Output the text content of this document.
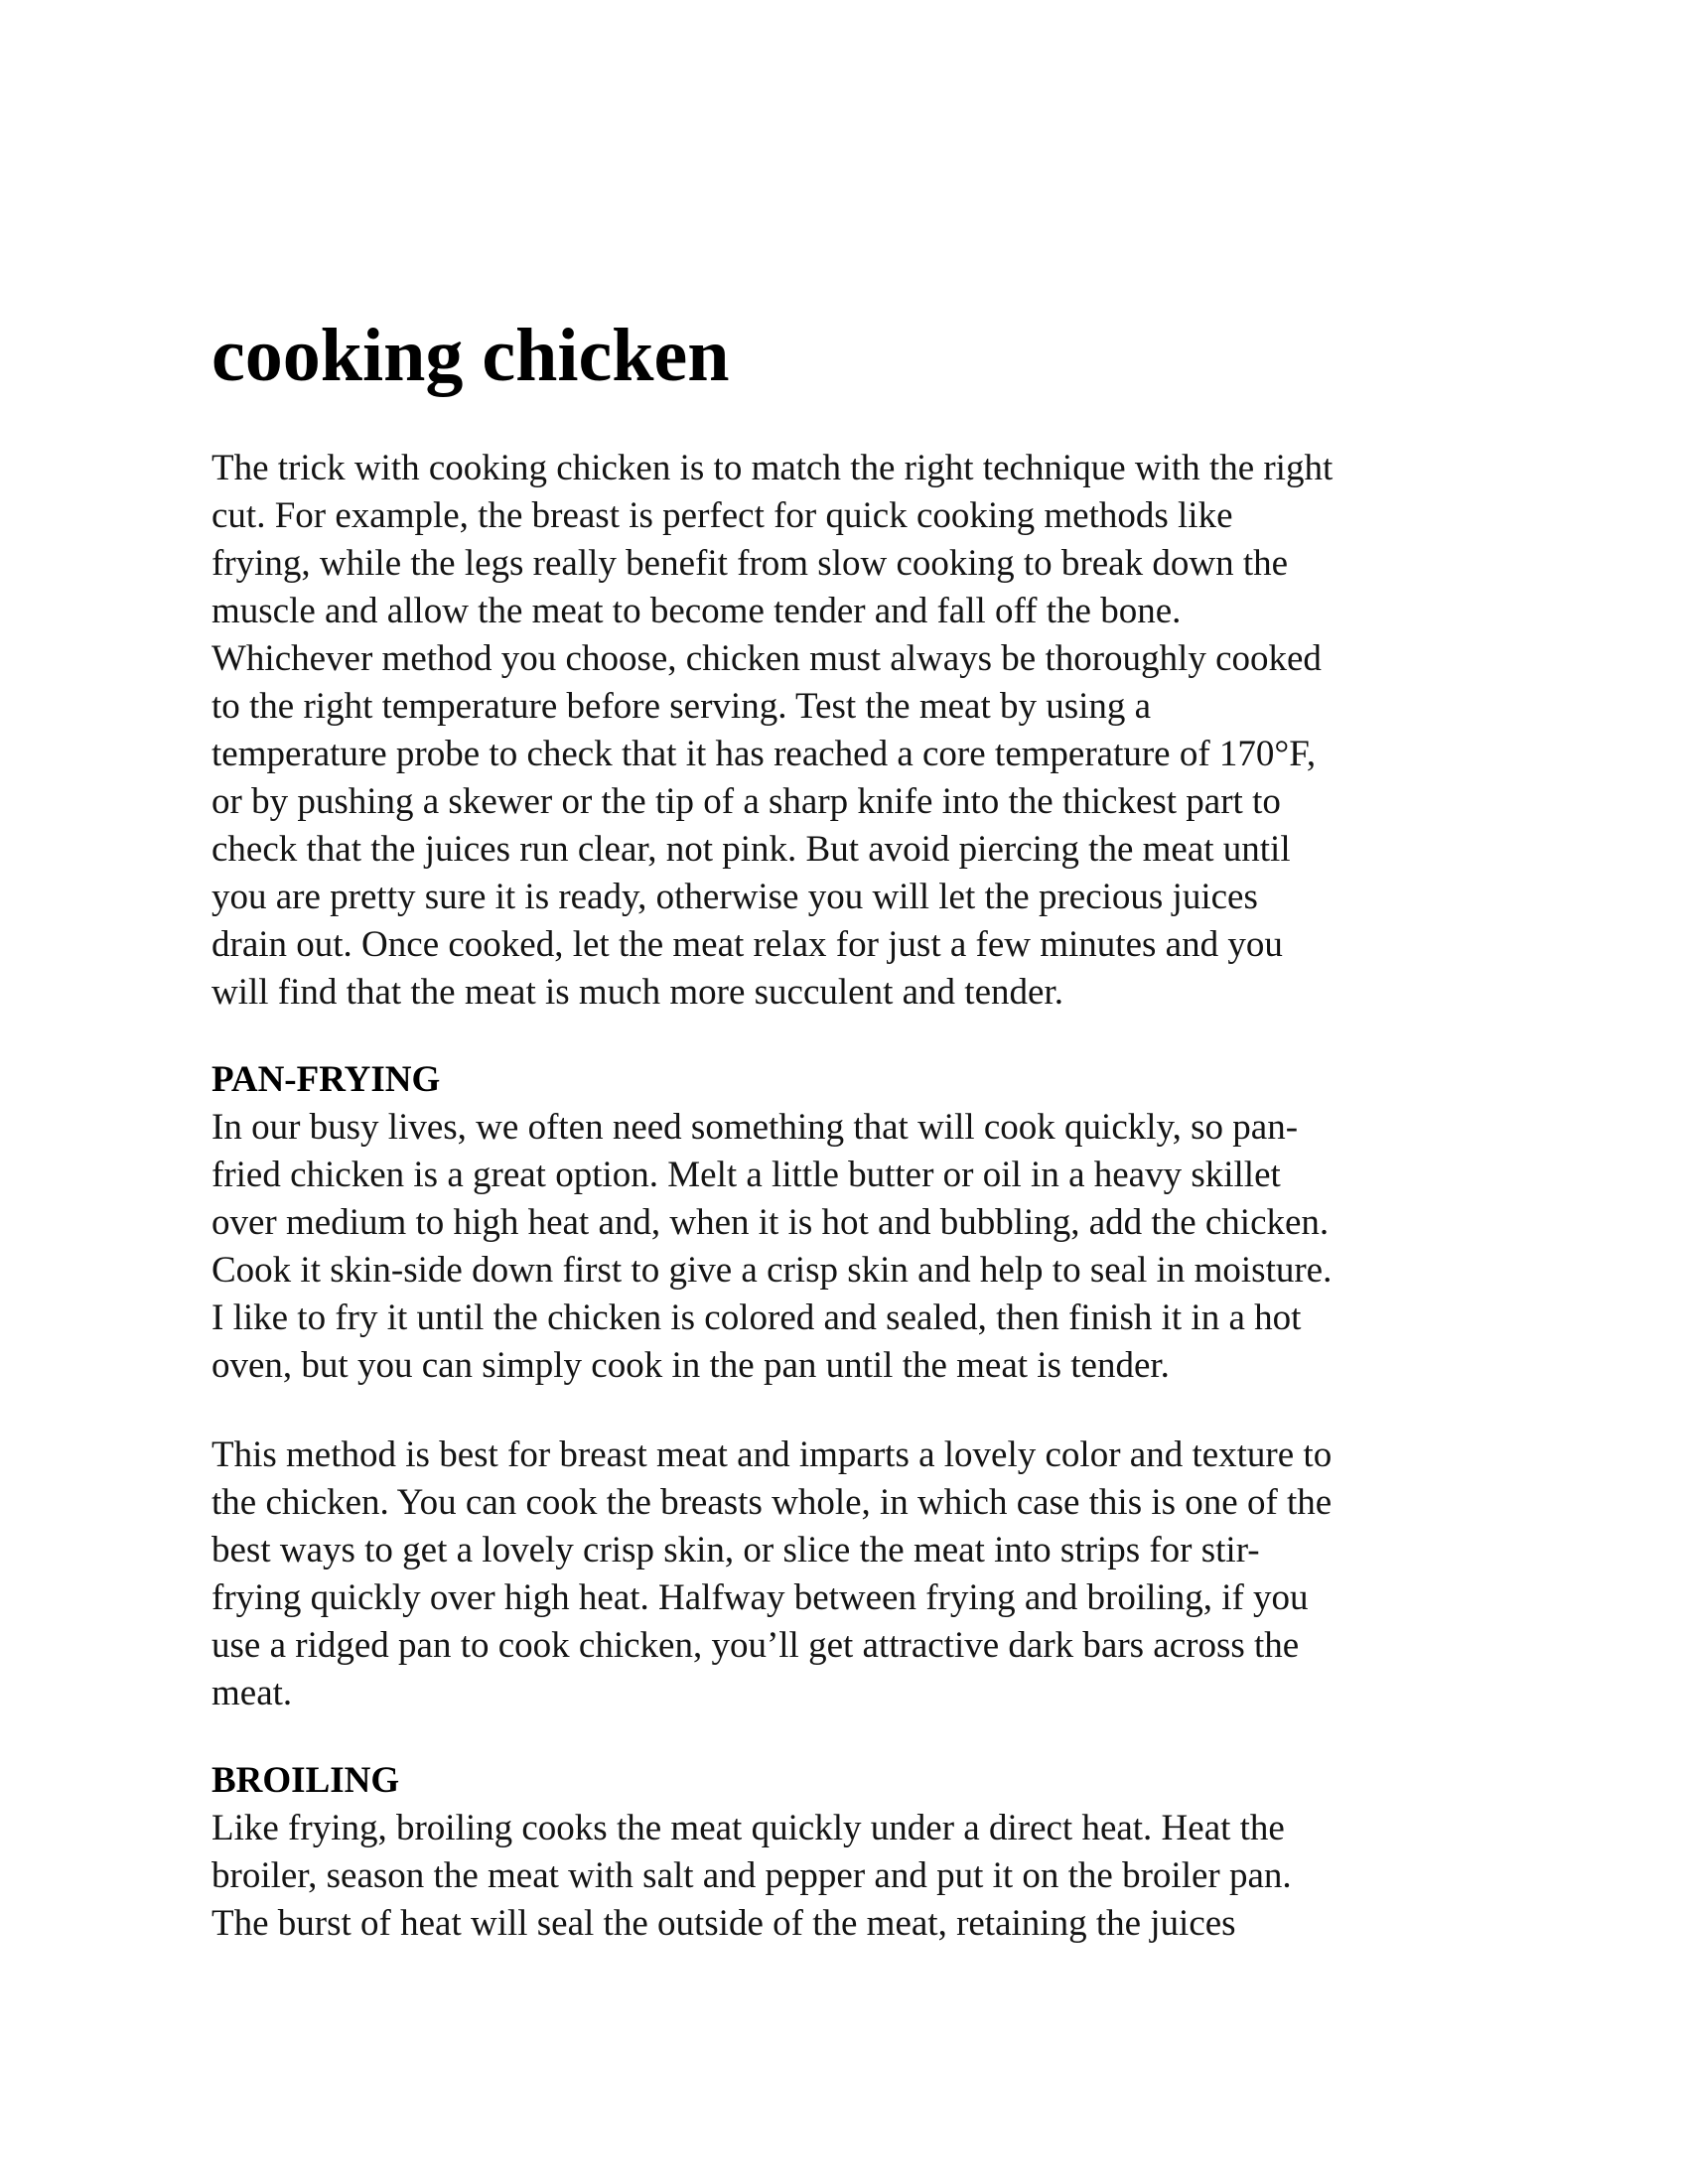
cooking chicken

The trick with cooking chicken is to match the right technique with the right
cut. For example, the breast is perfect for quick cooking methods like
frying, while the legs really benefit from slow cooking to break down the
muscle and allow the meat to become tender and fall off the bone.
Whichever method you choose, chicken must always be thoroughly cooked
to the right temperature before serving. Test the meat by using a
temperature probe to check that it has reached a core temperature of 170°F,
or by pushing a skewer or the tip of a sharp knife into the thickest part to
check that the juices run clear, not pink. But avoid piercing the meat until
you are pretty sure it is ready, otherwise you will let the precious juices
drain out. Once cooked, let the meat relax for just a few minutes and you
will find that the meat is much more succulent and tender.

PAN-FRYING

In our busy lives, we often need something that will cook quickly, so pan-
fried chicken is a great option. Melt a little butter or oil in a heavy skillet
over medium to high heat and, when it is hot and bubbling, add the chicken.
Cook it skin-side down first to give a crisp skin and help to seal in moisture.
I like to fry it until the chicken is colored and sealed, then finish it in a hot
oven, but you can simply cook in the pan until the meat is tender.

This method is best for breast meat and imparts a lovely color and texture to
the chicken. You can cook the breasts whole, in which case this is one of the
best ways to get a lovely crisp skin, or slice the meat into strips for stir-
frying quickly over high heat. Halfway between frying and broiling, if you
use a ridged pan to cook chicken, you’ll get attractive dark bars across the
meat.

BROILING

Like frying, broiling cooks the meat quickly under a direct heat. Heat the
broiler, season the meat with salt and pepper and put it on the broiler pan.
The burst of heat will seal the outside of the meat, retaining the juices
